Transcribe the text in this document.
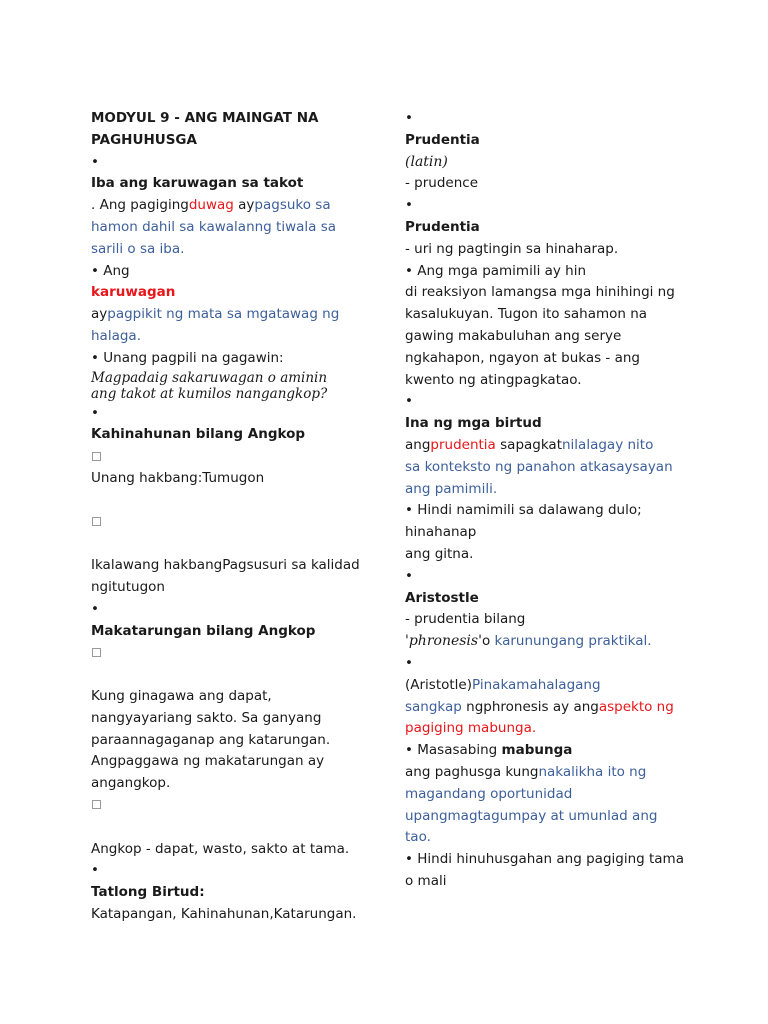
MODYUL 9 - ANG MAINGAT NA
PAGHUHUSGA
•
Iba ang karuwagan sa takot
. Ang pagigingduwag aypagsuko sa
hamon dahil sa kawalanng tiwala sa
sarili o sa iba.
• Ang
karuwagan
aypagpikit ng mata sa mgatawag ng
halaga.
• Unang pagpili na gagawin:
Magpadaig sakaruwagan o aminin
ang takot at kumilos nangangkop?
•
Kahinahunan bilang Angkop
Unang hakbang:Tumugon
Ikalawang hakbangPagsusuri sa kalidad
ngitutugon
•
Makatarungan bilang Angkop
Kung ginagawa ang dapat,
nangyayariang sakto. Sa ganyang
paraannagaganap ang katarungan.
Angpaggawa ng makatarungan ay
angangkop.
Angkop - dapat, wasto, sakto at tama.
•
Tatlong Birtud:
Katapangan, Kahinahunan,Katarungan.
•
Prudentia
(latin)
- prudence
•
Prudentia
- uri ng pagtingin sa hinaharap.
• Ang mga pamimili ay hin
di reaksiyon lamangsa mga hinihingi ng
kasalukuyan. Tugon ito sahamon na
gawing makabuluhan ang serye
ngkahapon, ngayon at bukas - ang
kwento ng atingpagkatao.
•
Ina ng mga birtud
angprudentia sapagkatnilalagay nito
sa konteksto ng panahon atkasaysayan
ang pamimili.
• Hindi namimili sa dalawang dulo;
hinahanap
ang gitna.
•
Aristostle
- prudentia bilang
'phronesis'o karunungang praktikal.
•
(Aristotle)Pinakamahalagang
sangkap ngphronesis ay angaspekto ng
pagiging mabunga.
• Masasabing mabunga
ang paghusga kungnakalikha ito ng
magandang oportunidad
upangmagtagumpay at umunlad ang
tao.
• Hindi hinuhusgahan ang pagiging tama
o mali
